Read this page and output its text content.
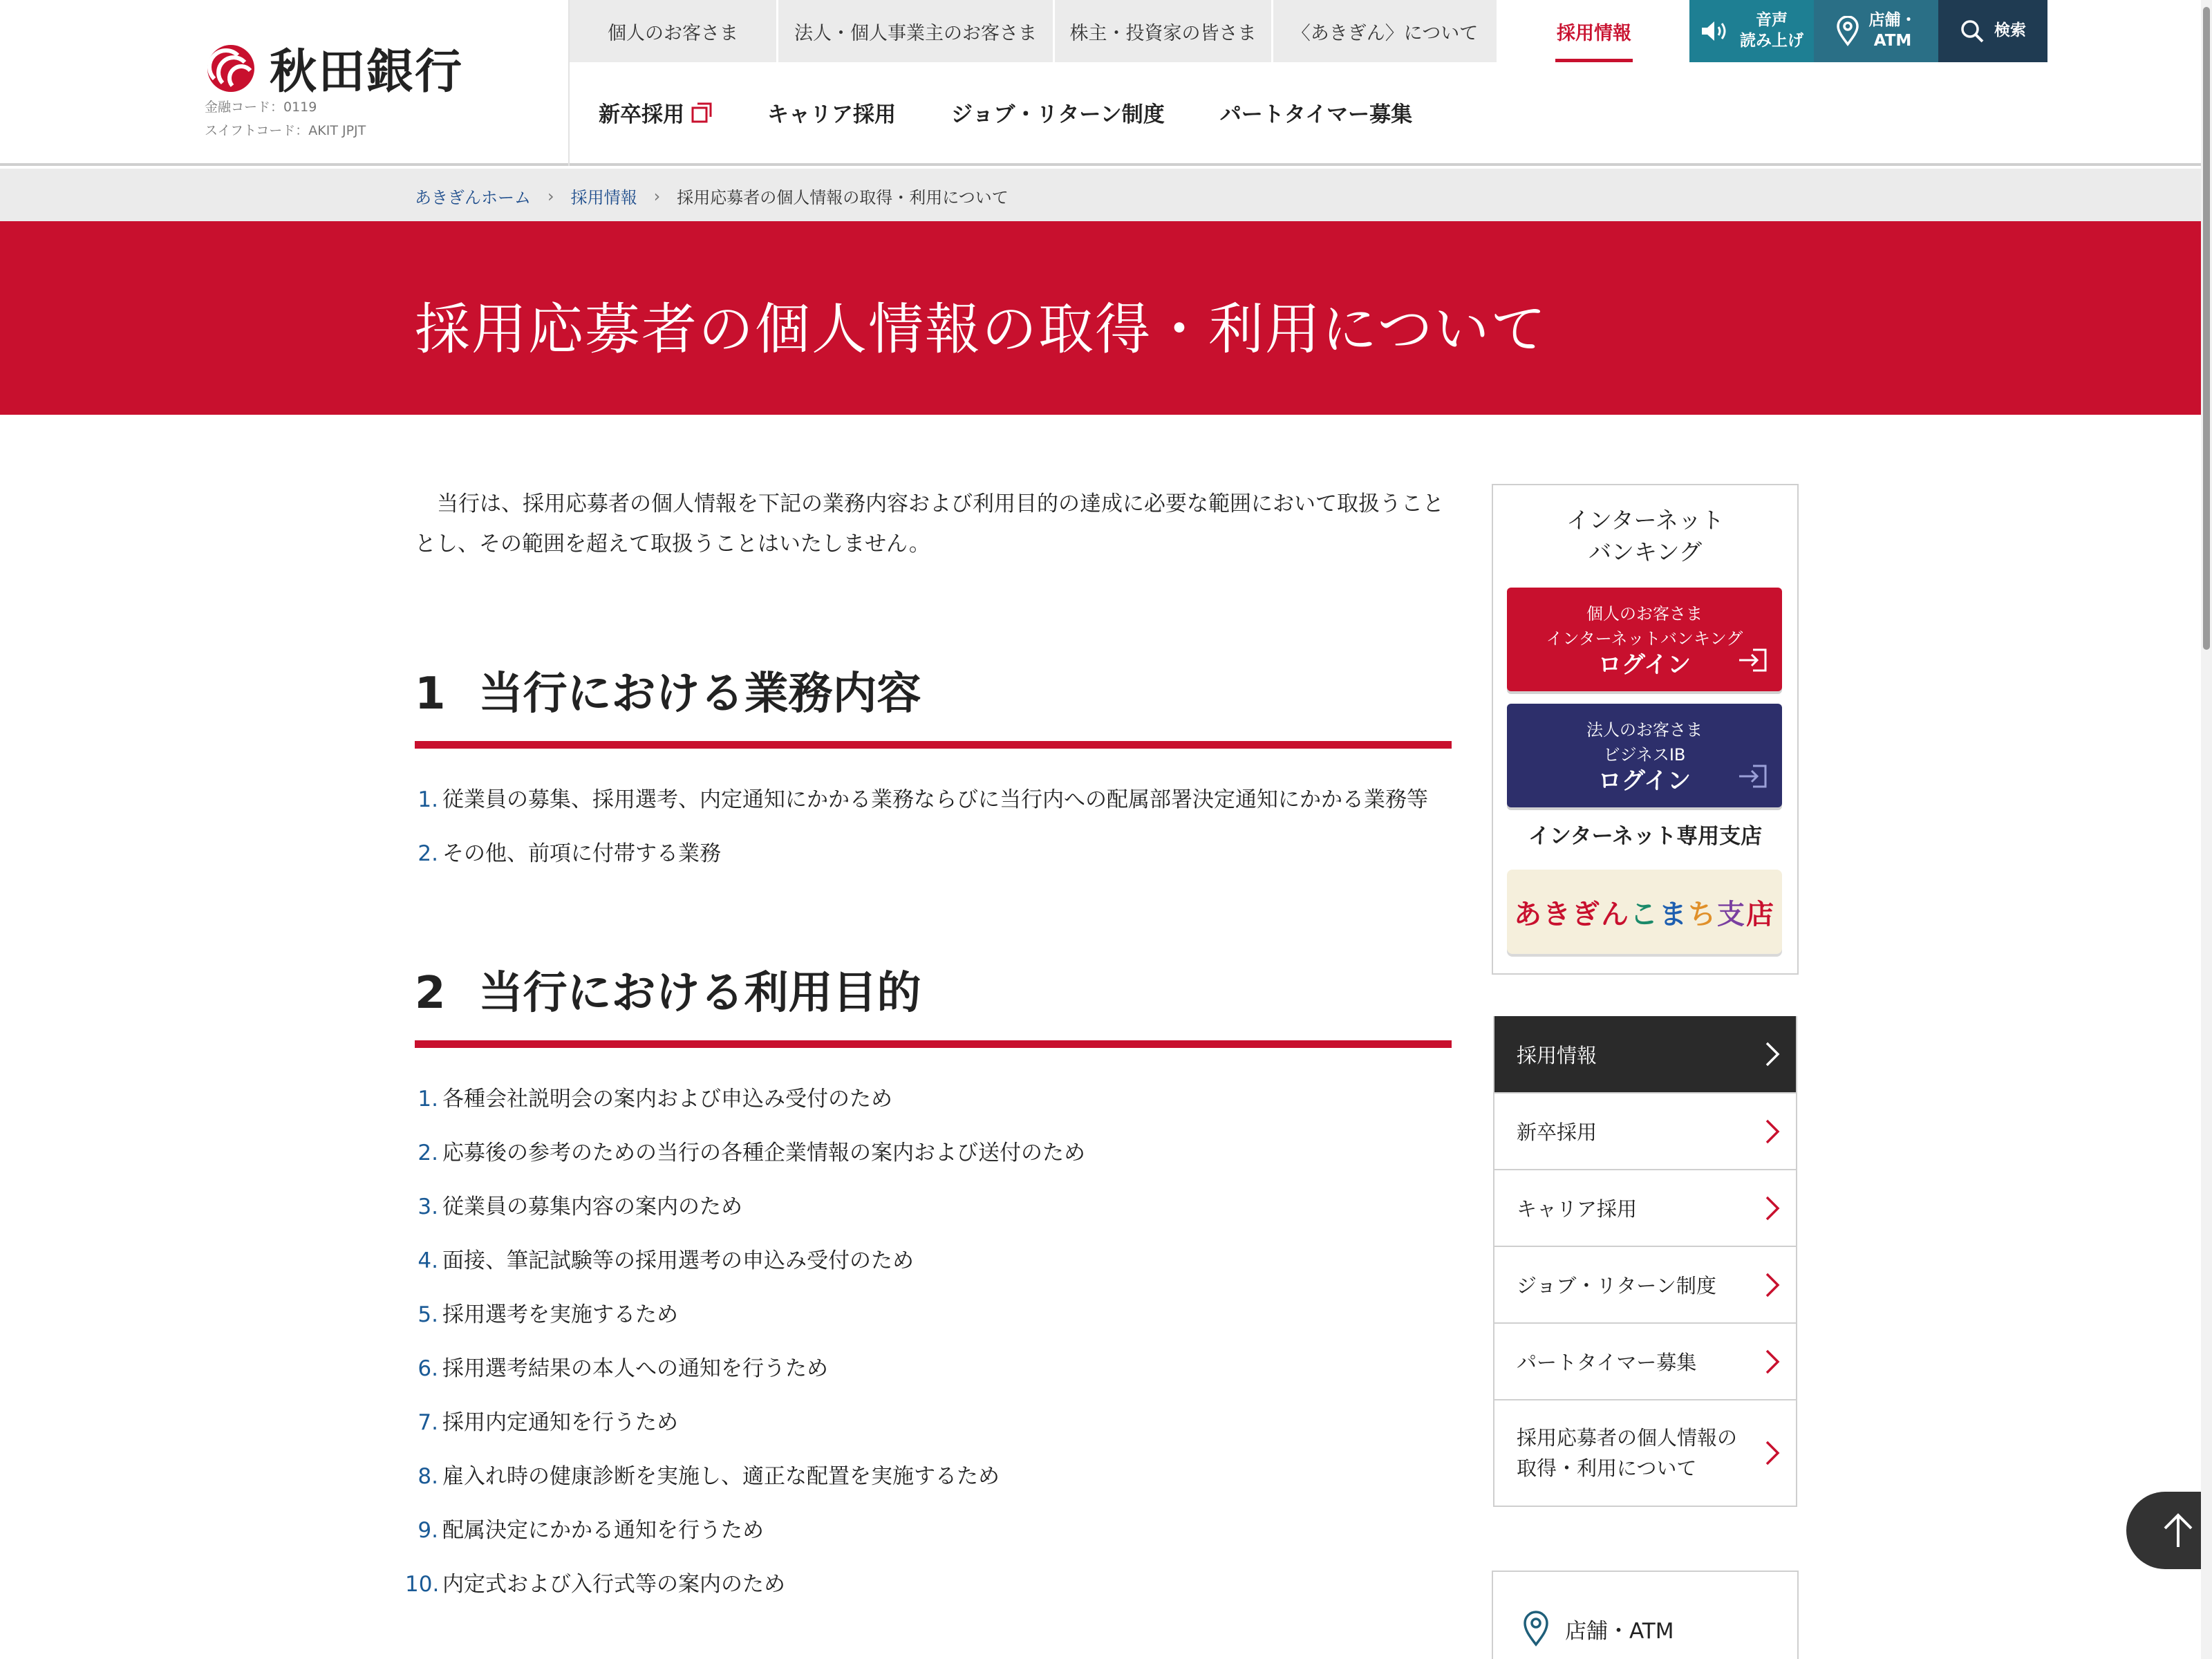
秋田銀行
金融コード：0119
スイフトコード：AKIT JPJT
個人のお客さま	法人・個人事業主のお客さま	株主・投資家の皆さま	〈あきぎん〉について	採用情報
音声
読み上げ
店舗・
ATM
検索
新卒採用	キャリア採用	ジョブ・リターン制度	パートタイマー募集
あきぎんホーム › 採用情報 › 採用応募者の個人情報の取得・利用について
採用応募者の個人情報の取得・利用について

当行は、採用応募者の個人情報を下記の業務内容および利用目的の達成に必要な範囲において取扱うこととし、その範囲を超えて取扱うことはいたしません。

1 当行における業務内容
1. 従業員の募集、採用選考、内定通知にかかる業務ならびに当行内への配属部署決定通知にかかる業務等
2. その他、前項に付帯する業務
2 当行における利用目的
1. 各種会社説明会の案内および申込み受付のため
2. 応募後の参考のための当行の各種企業情報の案内および送付のため
3. 従業員の募集内容の案内のため
4. 面接、筆記試験等の採用選考の申込み受付のため
5. 採用選考を実施するため
6. 採用選考結果の本人への通知を行うため
7. 採用内定通知を行うため
8. 雇入れ時の健康診断を実施し、適正な配置を実施するため
9. 配属決定にかかる通知を行うため
10. 内定式および入行式等の案内のため
インターネット
バンキング
個人のお客さま
インターネットバンキング
ログイン
法人のお客さま
ビジネスIB
ログイン
インターネット専用支店
あ き ぎ ん こ ま ち 支 店
採用情報
新卒採用
キャリア採用
ジョブ・リターン制度
パートタイマー募集
採用応募者の個人情報の
取得・利用について
店舗・ATM
